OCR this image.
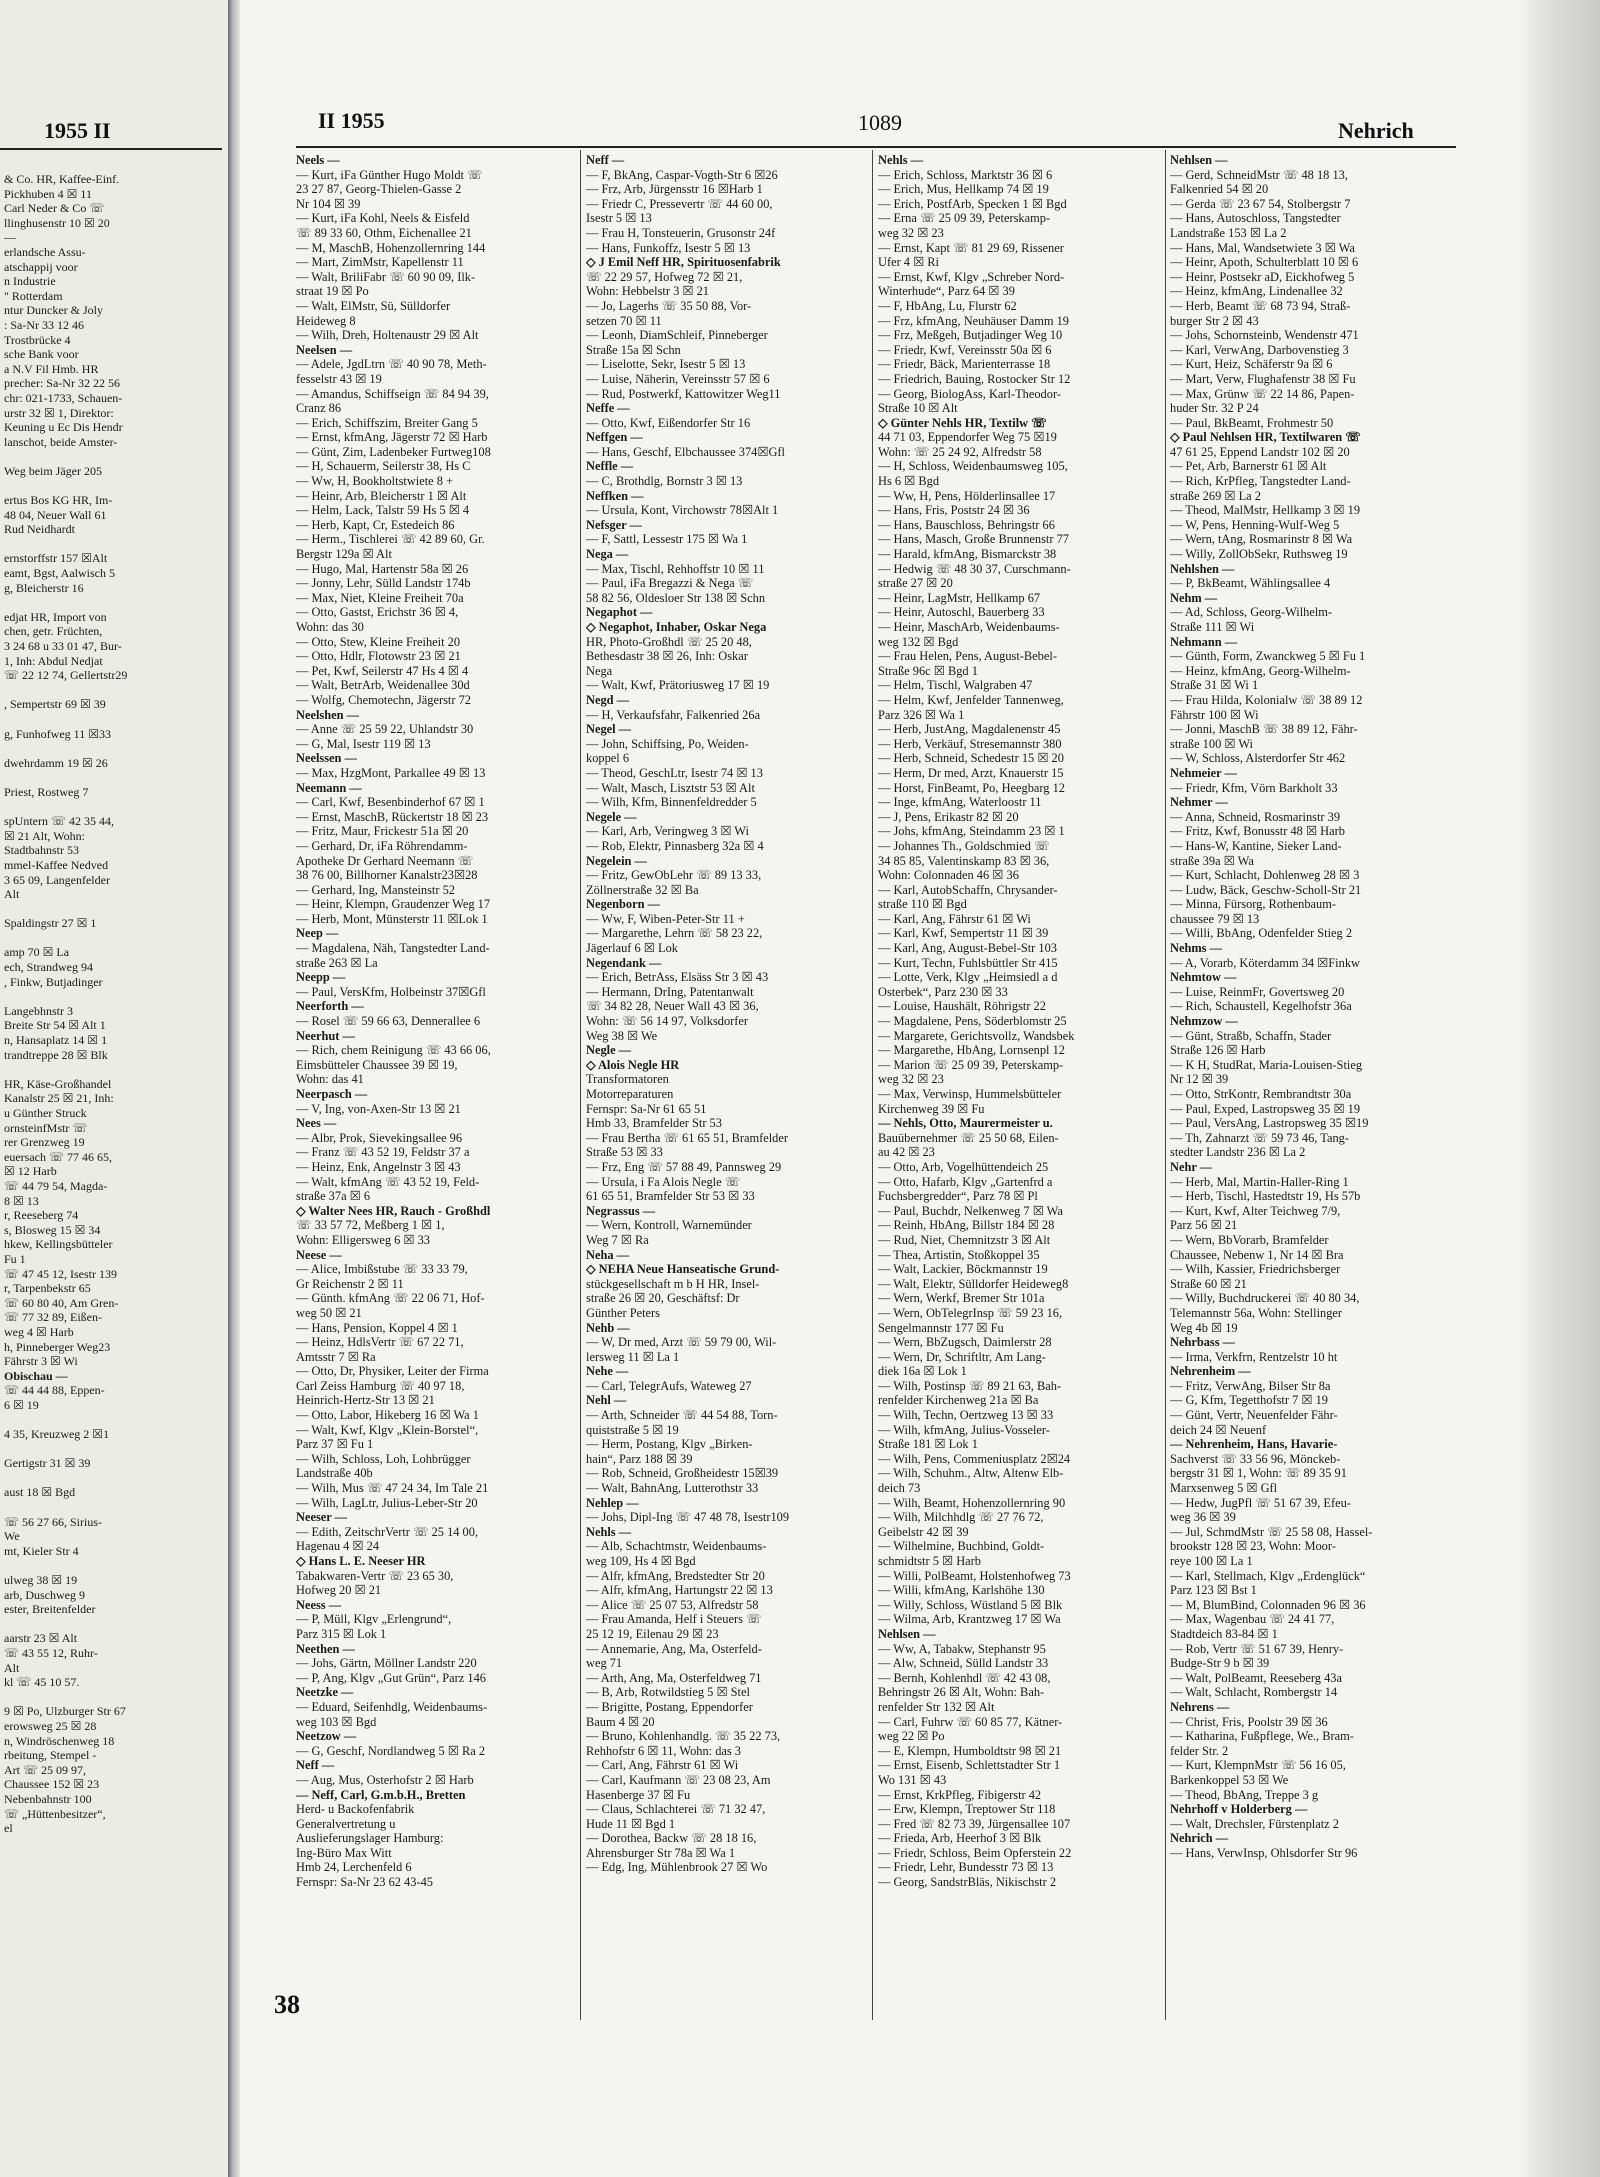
1955 II
& Co. HR, Kaffee-Einf.
Pickhuben 4 ☒ 11
Carl Neder & Co ☏
llinghusenstr 10 ☒ 20
—
erlandsche Assu-
atschappij voor
n Industrie
" Rotterdam
ntur Duncker & Joly
: Sa-Nr 33 12 46
Trostbrücke 4
sche Bank voor
a N.V Fil Hmb. HR
precher: Sa-Nr 32 22 56
chr: 021-1733, Schauen-
urstr 32 ☒ 1, Direktor:
Keuning u Ec Dis Hendr
lanschot, beide Amster-
Weg beim Jäger 205
ertus Bos KG HR, Im-
48 04, Neuer Wall 61
Rud Neidhardt
ernstorffstr 157 ☒Alt
eamt, Bgst, Aalwisch 5
g, Bleicherstr 16
edjat HR, Import von
chen, getr. Früchten,
3 24 68 u 33 01 47, Bur-
1, Inh: Abdul Nedjat
☏ 22 12 74, Gellertstr29
, Sempertstr 69 ☒ 39
g, Funhofweg 11 ☒33
dwehrdamm 19 ☒ 26
Priest, Rostweg 7
spUntern ☏ 42 35 44,
☒ 21 Alt, Wohn:
Stadtbahnstr 53
mmel-Kaffee Nedved
3 65 09, Langenfelder
Alt
Spaldingstr 27 ☒ 1
amp 70 ☒ La
ech, Strandweg 94
, Finkw, Butjadinger
Langebhnstr 3
Breite Str 54 ☒ Alt 1
n, Hansaplatz 14 ☒ 1
trandtreppe 28 ☒ Blk
HR, Käse-Großhandel
Kanalstr 25 ☒ 21, Inh:
u Günther Struck
ornsteinfMstr ☏
rer Grenzweg 19
euersach ☏ 77 46 65,
☒ 12 Harb
☏ 44 79 54, Magda-
8 ☒ 13
r, Reeseberg 74
s, Blosweg 15 ☒ 34
hkew, Kellingsbütteler
Fu 1
☏ 47 45 12, Isestr 139
r, Tarpenbekstr 65
☏ 60 80 40, Am Gren-
☏ 77 32 89, Eißen-
weg 4 ☒ Harb
h, Pinneberger Weg23
Fährstr 3 ☒ Wi
Obischau —
☏ 44 44 88, Eppen-
6 ☒ 19
4 35, Kreuzweg 2 ☒1
Gertigstr 31 ☒ 39
aust 18 ☒ Bgd
☏ 56 27 66, Sirius-
We
mt, Kieler Str 4
ulweg 38 ☒ 19
arb, Duschweg 9
ester, Breitenfelder
aarstr 23 ☒ Alt
☏ 43 55 12, Ruhr-
Alt
kl ☏ 45 10 57.
9 ☒ Po, Ulzburger Str 67
erowsweg 25 ☒ 28
n, Windröschenweg 18
rbeitung, Stempel -
Art ☏ 25 09 97,
Chaussee 152 ☒ 23
Nebenbahnstr 100
☏ „Hüttenbesitzer“,
el
II 1955	1089	Nehrich
Neels —
— Kurt, iFa Günther Hugo Moldt ☏
23 27 87, Georg-Thielen-Gasse 2
Nr 104 ☒ 39
— Kurt, iFa Kohl, Neels & Eisfeld
☏ 89 33 60, Othm, Eichenallee 21
— M, MaschB, Hohenzollernring 144
— Mart, ZimMstr, Kapellenstr 11
— Walt, BriliFabr ☏ 60 90 09, Ilk-
straat 19 ☒ Po
— Walt, ElMstr, Sü, Sülldorfer
Heideweg 8
— Wilh, Dreh, Holtenaustr 29 ☒ Alt
Neelsen —
— Adele, JgdLtrn ☏ 40 90 78, Meth-
fesselstr 43 ☒ 19
— Amandus, Schiffseign ☏ 84 94 39,
Cranz 86
— Erich, Schiffszim, Breiter Gang 5
— Ernst, kfmAng, Jägerstr 72 ☒ Harb
— Günt, Zim, Ladenbeker Furtweg108
— H, Schauerm, Seilerstr 38, Hs C
— Ww, H, Bookholtstwiete 8 +
— Heinr, Arb, Bleicherstr 1 ☒ Alt
— Helm, Lack, Talstr 59 Hs 5 ☒ 4
— Herb, Kapt, Cr, Estedeich 86
— Herm., Tischlerei ☏ 42 89 60, Gr.
Bergstr 129a ☒ Alt
— Hugo, Mal, Hartenstr 58a ☒ 26
— Jonny, Lehr, Sülld Landstr 174b
— Max, Niet, Kleine Freiheit 70a
— Otto, Gastst, Erichstr 36 ☒ 4,
Wohn: das 30
— Otto, Stew, Kleine Freiheit 20
— Otto, Hdlr, Flotowstr 23 ☒ 21
— Pet, Kwf, Seilerstr 47 Hs 4 ☒ 4
— Walt, BetrArb, Weidenallee 30d
— Wolfg, Chemotechn, Jägerstr 72
Neelshen —
— Anne ☏ 25 59 22, Uhlandstr 30
— G, Mal, Isestr 119 ☒ 13
Neelssen —
— Max, HzgMont, Parkallee 49 ☒ 13
Neemann —
— Carl, Kwf, Besenbinderhof 67 ☒ 1
— Ernst, MaschB, Rückertstr 18 ☒ 23
— Fritz, Maur, Frickestr 51a ☒ 20
— Gerhard, Dr, iFa Röhrendamm-
Apotheke Dr Gerhard Neemann ☏
38 76 00, Billhorner Kanalstr23☒28
— Gerhard, Ing, Mansteinstr 52
— Heinr, Klempn, Graudenzer Weg 17
— Herb, Mont, Münsterstr 11 ☒Lok 1
Neep —
— Magdalena, Näh, Tangstedter Land-
straße 263 ☒ La
Neepp —
— Paul, VersKfm, Holbeinstr 37☒Gfl
Neerforth —
— Rosel ☏ 59 66 63, Dennerallee 6
Neerhut —
— Rich, chem Reinigung ☏ 43 66 06,
Eimsbütteler Chaussee 39 ☒ 19,
Wohn: das 41
Neerpasch —
— V, Ing, von-Axen-Str 13 ☒ 21
Nees —
— Albr, Prok, Sievekingsallee 96
— Franz ☏ 43 52 19, Feldstr 37 a
— Heinz, Enk, Angelnstr 3 ☒ 43
— Walt, kfmAng ☏ 43 52 19, Feld-
straße 37a ☒ 6
◇ Walter Nees HR, Rauch - Großhdl
☏ 33 57 72, Meßberg 1 ☒ 1,
Wohn: Elligersweg 6 ☒ 33
Neese —
— Alice, Imbißstube ☏ 33 33 79,
Gr Reichenstr 2 ☒ 11
— Günth. kfmAng ☏ 22 06 71, Hof-
weg 50 ☒ 21
— Hans, Pension, Koppel 4 ☒ 1
— Heinz, HdlsVertr ☏ 67 22 71,
Amtsstr 7 ☒ Ra
— Otto, Dr, Physiker, Leiter der Firma
Carl Zeiss Hamburg ☏ 40 97 18,
Heinrich-Hertz-Str 13 ☒ 21
— Otto, Labor, Hikeberg 16 ☒ Wa 1
— Walt, Kwf, Klgv „Klein-Borstel“,
Parz 37 ☒ Fu 1
— Wilh, Schloss, Loh, Lohbrügger
Landstraße 40b
— Wilh, Mus ☏ 47 24 34, Im Tale 21
— Wilh, LagLtr, Julius-Leber-Str 20
Neeser —
— Edith, ZeitschrVertr ☏ 25 14 00,
Hagenau 4 ☒ 24
◇ Hans L. E. Neeser HR
Tabakwaren-Vertr ☏ 23 65 30,
Hofweg 20 ☒ 21
Neess —
— P, Müll, Klgv „Erlengrund“,
Parz 315 ☒ Lok 1
Neethen —
— Johs, Gärtn, Möllner Landstr 220
— P, Ang, Klgv „Gut Grün“, Parz 146
Neetzke —
— Eduard, Seifenhdlg, Weidenbaums-
weg 103 ☒ Bgd
Neetzow —
— G, Geschf, Nordlandweg 5 ☒ Ra 2
Neff —
— Aug, Mus, Osterhofstr 2 ☒ Harb
— Neff, Carl, G.m.b.H., Bretten
Herd- u Backofenfabrik
Generalvertretung u
Auslieferungslager Hamburg:
Ing-Büro Max Witt
Hmb 24, Lerchenfeld 6
Fernspr: Sa-Nr 23 62 43-45
Neff —
— F, BkAng, Caspar-Vogth-Str 6 ☒26
— Frz, Arb, Jürgensstr 16 ☒Harb 1
— Friedr C, Pressevertr ☏ 44 60 00,
Isestr 5 ☒ 13
— Frau H, Tonsteuerin, Grusonstr 24f
— Hans, Funkoffz, Isestr 5 ☒ 13
◇ J Emil Neff HR, Spirituosenfabrik
☏ 22 29 57, Hofweg 72 ☒ 21,
Wohn: Hebbelstr 3 ☒ 21
— Jo, Lagerhs ☏ 35 50 88, Vor-
setzen 70 ☒ 11
— Leonh, DiamSchleif, Pinneberger
Straße 15a ☒ Schn
— Liselotte, Sekr, Isestr 5 ☒ 13
— Luise, Näherin, Vereinsstr 57 ☒ 6
— Rud, Postwerkf, Kattowitzer Weg11
Neffe —
— Otto, Kwf, Eißendorfer Str 16
Neffgen —
— Hans, Geschf, Elbchaussee 374☒Gfl
Neffle —
— C, Brothdlg, Bornstr 3 ☒ 13
Neffken —
— Ursula, Kont, Virchowstr 78☒Alt 1
Nefsger —
— F, Sattl, Lessestr 175 ☒ Wa 1
Nega —
— Max, Tischl, Rehhoffstr 10 ☒ 11
— Paul, iFa Bregazzi & Nega ☏
58 82 56, Oldesloer Str 138 ☒ Schn
Negaphot —
◇ Negaphot, Inhaber, Oskar Nega
HR, Photo-Großhdl ☏ 25 20 48,
Bethesdastr 38 ☒ 26, Inh: Oskar
Nega
— Walt, Kwf, Prätoriusweg 17 ☒ 19
Negd —
— H, Verkaufsfahr, Falkenried 26a
Negel —
— John, Schiffsing, Po, Weiden-
koppel 6
— Theod, GeschLtr, Isestr 74 ☒ 13
— Walt, Masch, Lisztstr 53 ☒ Alt
— Wilh, Kfm, Binnenfeldredder 5
Negele —
— Karl, Arb, Veringweg 3 ☒ Wi
— Rob, Elektr, Pinnasberg 32a ☒ 4
Negelein —
— Fritz, GewObLehr ☏ 89 13 33,
Zöllnerstraße 32 ☒ Ba
Negenborn —
— Ww, F, Wiben-Peter-Str 11 +
— Margarethe, Lehrn ☏ 58 23 22,
Jägerlauf 6 ☒ Lok
Negendank —
— Erich, BetrAss, Elsäss Str 3 ☒ 43
— Hermann, DrIng, Patentanwalt
☏ 34 82 28, Neuer Wall 43 ☒ 36,
Wohn: ☏ 56 14 97, Volksdorfer
Weg 38 ☒ We
Negle —
◇ Alois Negle HR
Transformatoren
Motorreparaturen
Fernspr: Sa-Nr 61 65 51
Hmb 33, Bramfelder Str 53
— Frau Bertha ☏ 61 65 51, Bramfelder
Straße 53 ☒ 33
— Frz, Eng ☏ 57 88 49, Pannsweg 29
— Ursula, i Fa Alois Negle ☏
61 65 51, Bramfelder Str 53 ☒ 33
Negrassus —
— Wern, Kontroll, Warnemünder
Weg 7 ☒ Ra
Neha —
◇ NEHA Neue Hanseatische Grund-
stückgesellschaft m b H HR, Insel-
straße 26 ☒ 20, Geschäftsf: Dr
Günther Peters
Nehb —
— W, Dr med, Arzt ☏ 59 79 00, Wil-
lersweg 11 ☒ La 1
Nehe —
— Carl, TelegrAufs, Wateweg 27
Nehl —
— Arth, Schneider ☏ 44 54 88, Torn-
quiststraße 5 ☒ 19
— Herm, Postang, Klgv „Birken-
hain“, Parz 188 ☒ 39
— Rob, Schneid, Großheidestr 15☒39
— Walt, BahnAng, Lutterothstr 33
Nehlep —
— Johs, Dipl-Ing ☏ 47 48 78, Isestr109
Nehls —
— Alb, Schachtmstr, Weidenbaums-
weg 109, Hs 4 ☒ Bgd
— Alfr, kfmAng, Bredstedter Str 20
— Alfr, kfmAng, Hartungstr 22 ☒ 13
— Alice ☏ 25 07 53, Alfredstr 58
— Frau Amanda, Helf i Steuers ☏
25 12 19, Eilenau 29 ☒ 23
— Annemarie, Ang, Ma, Osterfeld-
weg 71
— Arth, Ang, Ma, Osterfeldweg 71
— B, Arb, Rotwildstieg 5 ☒ Stel
— Brigitte, Postang, Eppendorfer
Baum 4 ☒ 20
— Bruno, Kohlenhandlg. ☏ 35 22 73,
Rehhofstr 6 ☒ 11, Wohn: das 3
— Carl, Ang, Fährstr 61 ☒ Wi
— Carl, Kaufmann ☏ 23 08 23, Am
Hasenberge 37 ☒ Fu
— Claus, Schlachterei ☏ 71 32 47,
Hude 11 ☒ Bgd 1
— Dorothea, Backw ☏ 28 18 16,
Ahrensburger Str 78a ☒ Wa 1
— Edg, Ing, Mühlenbrook 27 ☒ Wo
Nehls —
— Erich, Schloss, Marktstr 36 ☒ 6
— Erich, Mus, Hellkamp 74 ☒ 19
— Erich, PostfArb, Specken 1 ☒ Bgd
— Erna ☏ 25 09 39, Peterskamp-
weg 32 ☒ 23
— Ernst, Kapt ☏ 81 29 69, Rissener
Ufer 4 ☒ Ri
— Ernst, Kwf, Klgv „Schreber Nord-
Winterhude“, Parz 64 ☒ 39
— F, HbAng, Lu, Flurstr 62
— Frz, kfmAng, Neuhäuser Damm 19
— Frz, Meßgeh, Butjadinger Weg 10
— Friedr, Kwf, Vereinsstr 50a ☒ 6
— Friedr, Bäck, Marienterrasse 18
— Friedrich, Bauing, Rostocker Str 12
— Georg, BiologAss, Karl-Theodor-
Straße 10 ☒ Alt
◇ Günter Nehls HR, Textilw ☏
44 71 03, Eppendorfer Weg 75 ☒19
Wohn: ☏ 25 24 92, Alfredstr 58
— H, Schloss, Weidenbaumsweg 105,
Hs 6 ☒ Bgd
— Ww, H, Pens, Hölderlinsallee 17
— Hans, Fris, Poststr 24 ☒ 36
— Hans, Bauschloss, Behringstr 66
— Hans, Masch, Große Brunnenstr 77
— Harald, kfmAng, Bismarckstr 38
— Hedwig ☏ 48 30 37, Curschmann-
straße 27 ☒ 20
— Heinr, LagMstr, Hellkamp 67
— Heinr, Autoschl, Bauerberg 33
— Heinr, MaschArb, Weidenbaums-
weg 132 ☒ Bgd
— Frau Helen, Pens, August-Bebel-
Straße 96c ☒ Bgd 1
— Helm, Tischl, Walgraben 47
— Helm, Kwf, Jenfelder Tannenweg,
Parz 326 ☒ Wa 1
— Herb, JustAng, Magdalenenstr 45
— Herb, Verkäuf, Stresemannstr 380
— Herb, Schneid, Schedestr 15 ☒ 20
— Herm, Dr med, Arzt, Knauerstr 15
— Horst, FinBeamt, Po, Heegbarg 12
— Inge, kfmAng, Waterloostr 11
— J, Pens, Erikastr 82 ☒ 20
— Johs, kfmAng, Steindamm 23 ☒ 1
— Johannes Th., Goldschmied ☏
34 85 85, Valentinskamp 83 ☒ 36,
Wohn: Colonnaden 46 ☒ 36
— Karl, AutobSchaffn, Chrysander-
straße 110 ☒ Bgd
— Karl, Ang, Fährstr 61 ☒ Wi
— Karl, Kwf, Sempertstr 11 ☒ 39
— Karl, Ang, August-Bebel-Str 103
— Kurt, Techn, Fuhlsbüttler Str 415
— Lotte, Verk, Klgv „Heimsiedl a d
Osterbek“, Parz 230 ☒ 33
— Louise, Haushält, Röhrigstr 22
— Magdalene, Pens, Söderblomstr 25
— Margarete, Gerichtsvollz, Wandsbek
— Margarethe, HbAng, Lornsenpl 12
— Marion ☏ 25 09 39, Peterskamp-
weg 32 ☒ 23
— Max, Verwinsp, Hummelsbütteler
Kirchenweg 39 ☒ Fu
— Nehls, Otto, Maurermeister u.
Bauübernehmer ☏ 25 50 68, Eilen-
au 42 ☒ 23
— Otto, Arb, Vogelhüttendeich 25
— Otto, Hafarb, Klgv „Gartenfrd a
Fuchsbergredder“, Parz 78 ☒ Pl
— Paul, Buchdr, Nelkenweg 7 ☒ Wa
— Reinh, HbAng, Billstr 184 ☒ 28
— Rud, Niet, Chemnitzstr 3 ☒ Alt
— Thea, Artistin, Stoßkoppel 35
— Walt, Lackier, Böckmannstr 19
— Walt, Elektr, Sülldorfer Heideweg8
— Wern, Werkf, Bremer Str 101a
— Wern, ObTelegrInsp ☏ 59 23 16,
Sengelmannstr 177 ☒ Fu
— Wern, BbZugsch, Daimlerstr 28
— Wern, Dr, Schriftltr, Am Lang-
diek 16a ☒ Lok 1
— Wilh, Postinsp ☏ 89 21 63, Bah-
renfelder Kirchenweg 21a ☒ Ba
— Wilh, Techn, Oertzweg 13 ☒ 33
— Wilh, kfmAng, Julius-Vosseler-
Straße 181 ☒ Lok 1
— Wilh, Pens, Commeniusplatz 2☒24
— Wilh, Schuhm., Altw, Altenw Elb-
deich 73
— Wilh, Beamt, Hohenzollernring 90
— Wilh, Milchhdlg ☏ 27 76 72,
Geibelstr 42 ☒ 39
— Wilhelmine, Buchbind, Goldt-
schmidtstr 5 ☒ Harb
— Willi, PolBeamt, Holstenhofweg 73
— Willi, kfmAng, Karlshöhe 130
— Willy, Schloss, Wüstland 5 ☒ Blk
— Wilma, Arb, Krantzweg 17 ☒ Wa
Nehlsen —
— Ww, A, Tabakw, Stephanstr 95
— Alw, Schneid, Sülld Landstr 33
— Bernh, Kohlenhdl ☏ 42 43 08,
Behringstr 26 ☒ Alt, Wohn: Bah-
renfelder Str 132 ☒ Alt
— Carl, Fuhrw ☏ 60 85 77, Kätner-
weg 22 ☒ Po
— E, Klempn, Humboldtstr 98 ☒ 21
— Ernst, Eisenb, Schlettstadter Str 1
Wo 131 ☒ 43
— Ernst, KrkPfleg, Fibigerstr 42
— Erw, Klempn, Treptower Str 118
— Fred ☏ 82 73 39, Jürgensallee 107
— Frieda, Arb, Heerhof 3 ☒ Blk
— Friedr, Schloss, Beim Opferstein 22
— Friedr, Lehr, Bundesstr 73 ☒ 13
— Georg, SandstrBläs, Nikischstr 2
Nehlsen —
— Gerd, SchneidMstr ☏ 48 18 13,
Falkenried 54 ☒ 20
— Gerda ☏ 23 67 54, Stolbergstr 7
— Hans, Autoschloss, Tangstedter
Landstraße 153 ☒ La 2
— Hans, Mal, Wandsetwiete 3 ☒ Wa
— Heinr, Apoth, Schulterblatt 10 ☒ 6
— Heinr, Postsekr aD, Eickhofweg 5
— Heinz, kfmAng, Lindenallee 32
— Herb, Beamt ☏ 68 73 94, Straß-
burger Str 2 ☒ 43
— Johs, Schornsteinb, Wendenstr 471
— Karl, VerwAng, Darbovenstieg 3
— Kurt, Heiz, Schäferstr 9a ☒ 6
— Mart, Verw, Flughafenstr 38 ☒ Fu
— Max, Grünw ☏ 22 14 86, Papen-
huder Str. 32 P 24
— Paul, BkBeamt, Frohmestr 50
◇ Paul Nehlsen HR, Textilwaren ☏
47 61 25, Eppend Landstr 102 ☒ 20
— Pet, Arb, Barnerstr 61 ☒ Alt
— Rich, KrPfleg, Tangstedter Land-
straße 269 ☒ La 2
— Theod, MalMstr, Hellkamp 3 ☒ 19
— W, Pens, Henning-Wulf-Weg 5
— Wern, tAng, Rosmarinstr 8 ☒ Wa
— Willy, ZollObSekr, Ruthsweg 19
Nehlshen —
— P, BkBeamt, Wählingsallee 4
Nehm —
— Ad, Schloss, Georg-Wilhelm-
Straße 111 ☒ Wi
Nehmann —
— Günth, Form, Zwanckweg 5 ☒ Fu 1
— Heinz, kfmAng, Georg-Wilhelm-
Straße 31 ☒ Wi 1
— Frau Hilda, Kolonialw ☏ 38 89 12
Fährstr 100 ☒ Wi
— Jonni, MaschB ☏ 38 89 12, Fähr-
straße 100 ☒ Wi
— W, Schloss, Alsterdorfer Str 462
Nehmeier —
— Friedr, Kfm, Vörn Barkholt 33
Nehmer —
— Anna, Schneid, Rosmarinstr 39
— Fritz, Kwf, Bonusstr 48 ☒ Harb
— Hans-W, Kantine, Sieker Land-
straße 39a ☒ Wa
— Kurt, Schlacht, Dohlenweg 28 ☒ 3
— Ludw, Bäck, Geschw-Scholl-Str 21
— Minna, Fürsorg, Rothenbaum-
chaussee 79 ☒ 13
— Willi, BbAng, Odenfelder Stieg 2
Nehms —
— A, Vorarb, Köterdamm 34 ☒Finkw
Nehmtow —
— Luise, ReinmFr, Govertsweg 20
— Rich, Schaustell, Kegelhofstr 36a
Nehmzow —
— Günt, Straßb, Schaffn, Stader
Straße 126 ☒ Harb
— K H, StudRat, Maria-Louisen-Stieg
Nr 12 ☒ 39
— Otto, StrKontr, Rembrandtstr 30a
— Paul, Exped, Lastropsweg 35 ☒ 19
— Paul, VersAng, Lastropsweg 35 ☒19
— Th, Zahnarzt ☏ 59 73 46, Tang-
stedter Landstr 236 ☒ La 2
Nehr —
— Herb, Mal, Martin-Haller-Ring 1
— Herb, Tischl, Hastedtstr 19, Hs 57b
— Kurt, Kwf, Alter Teichweg 7/9,
Parz 56 ☒ 21
— Wern, BbVorarb, Bramfelder
Chaussee, Nebenw 1, Nr 14 ☒ Bra
— Wilh, Kassier, Friedrichsberger
Straße 60 ☒ 21
— Willy, Buchdruckerei ☏ 40 80 34,
Telemannstr 56a, Wohn: Stellinger
Weg 4b ☒ 19
Nehrbass —
— Irma, Verkfrn, Rentzelstr 10 ht
Nehrenheim —
— Fritz, VerwAng, Bilser Str 8a
— G, Kfm, Tegetthofstr 7 ☒ 19
— Günt, Vertr, Neuenfelder Fähr-
deich 24 ☒ Neuenf
— Nehrenheim, Hans, Havarie-
Sachverst ☏ 33 56 96, Mönckeb-
bergstr 31 ☒ 1, Wohn: ☏ 89 35 91
Marxsenweg 5 ☒ Gfl
— Hedw, JugPfl ☏ 51 67 39, Efeu-
weg 36 ☒ 39
— Jul, SchmdMstr ☏ 25 58 08, Hassel-
brookstr 128 ☒ 23, Wohn: Moor-
reye 100 ☒ La 1
— Karl, Stellmach, Klgv „Erdenglück“
Parz 123 ☒ Bst 1
— M, BlumBind, Colonnaden 96 ☒ 36
— Max, Wagenbau ☏ 24 41 77,
Stadtdeich 83-84 ☒ 1
— Rob, Vertr ☏ 51 67 39, Henry-
Budge-Str 9 b ☒ 39
— Walt, PolBeamt, Reeseberg 43a
— Walt, Schlacht, Rombergstr 14
Nehrens —
— Christ, Fris, Poolstr 39 ☒ 36
— Katharina, Fußpflege, We., Bram-
felder Str. 2
— Kurt, KlempnMstr ☏ 56 16 05,
Barkenkoppel 53 ☒ We
— Theod, BbAng, Treppe 3 g
Nehrhoff v Holderberg —
— Walt, Drechsler, Fürstenplatz 2
Nehrich —
— Hans, VerwInsp, Ohlsdorfer Str 96
38
